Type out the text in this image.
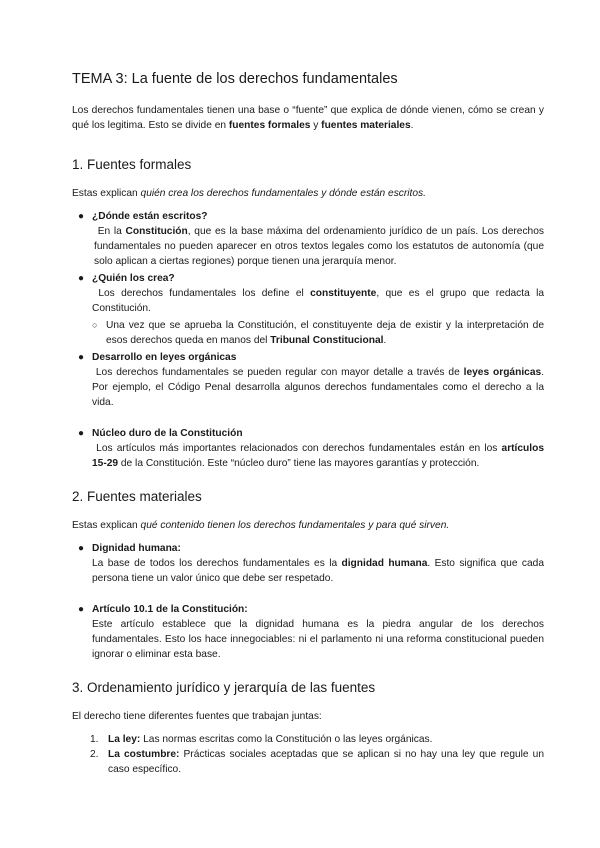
TEMA 3: La fuente de los derechos fundamentales

Los derechos fundamentales tienen una base o “fuente” que explica de dónde vienen, cómo se crean y qué los legitima. Esto se divide en fuentes formales y fuentes materiales.

1. Fuentes formales

Estas explican quién crea los derechos fundamentales y dónde están escritos.

● ¿Dónde están escritos?

En la Constitución, que es la base máxima del ordenamiento jurídico de un país. Los derechos fundamentales no pueden aparecer en otros textos legales como los estatutos de autonomía (que solo aplican a ciertas regiones) porque tienen una jerarquía menor.

● ¿Quién los crea?

Los derechos fundamentales los define el constituyente, que es el grupo que redacta la Constitución.

○ Una vez que se aprueba la Constitución, el constituyente deja de existir y la interpretación de esos derechos queda en manos del Tribunal Constitucional.

● Desarrollo en leyes orgánicas

Los derechos fundamentales se pueden regular con mayor detalle a través de leyes orgánicas. Por ejemplo, el Código Penal desarrolla algunos derechos fundamentales como el derecho a la vida.

● Núcleo duro de la Constitución

Los artículos más importantes relacionados con derechos fundamentales están en los artículos 15-29 de la Constitución. Este “núcleo duro” tiene las mayores garantías y protección.

2. Fuentes materiales

Estas explican qué contenido tienen los derechos fundamentales y para qué sirven.

● Dignidad humana:

La base de todos los derechos fundamentales es la dignidad humana. Esto significa que cada persona tiene un valor único que debe ser respetado.

● Artículo 10.1 de la Constitución:

Este artículo establece que la dignidad humana es la piedra angular de los derechos fundamentales. Esto los hace innegociables: ni el parlamento ni una reforma constitucional pueden ignorar o eliminar esta base.

3. Ordenamiento jurídico y jerarquía de las fuentes

El derecho tiene diferentes fuentes que trabajan juntas:

1. La ley: Las normas escritas como la Constitución o las leyes orgánicas.

2. La costumbre: Prácticas sociales aceptadas que se aplican si no hay una ley que regule un caso específico.
